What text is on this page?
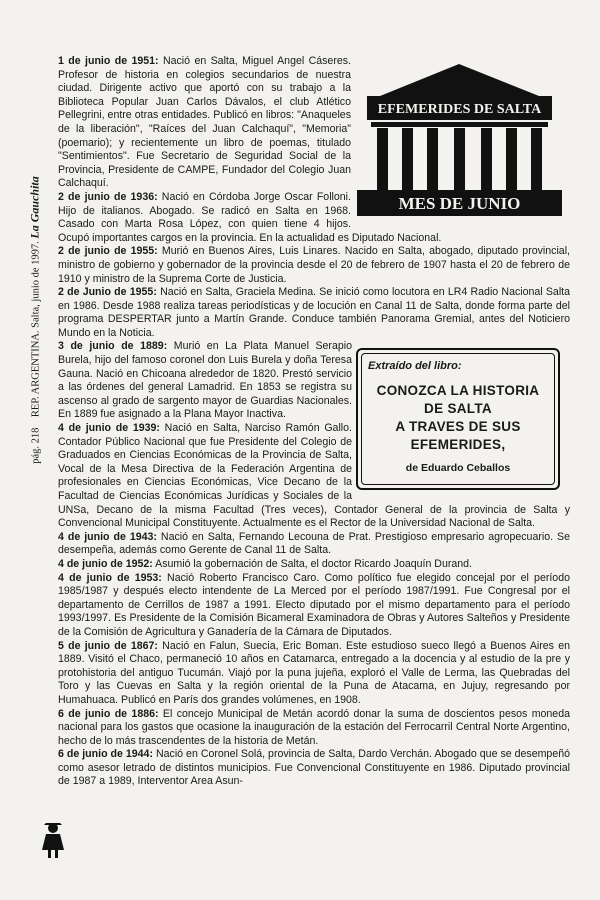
pág. 218    REP. ARGENTINA. Salta, junio de 1997. La Gauchita
EFEMERIDES DE SALTA
MES DE JUNIO

1 de junio de 1951: Nació en Salta, Miguel Angel Cáseres. Profesor de historia en colegios secundarios de nuestra ciudad. Dirigente activo que aportó con su trabajo a la Biblioteca Popular Juan Carlos Dávalos, el club Atlético Pellegrini, entre otras entidades. Publicó en libros: "Anaqueles de la liberación", "Raíces del Juan Calchaquí", "Memoria" (poemario); y recientemente un libro de poemas, titulado "Sentimientos". Fue Secretario de Seguridad Social de la Provincia, Presidente de CAMPE, Fundador del Colegio Juan Calchaquí.

2 de junio de 1936: Nació en Córdoba Jorge Oscar Folloni. Hijo de italianos. Abogado. Se radicó en Salta en 1968. Casado con Marta Rosa López, con quien tiene 4 hijos. Ocupó importantes cargos en la provincia. En la actualidad es Diputado Nacional.

2 de junio de 1955: Murió en Buenos Aires, Luis Linares. Nacido en Salta, abogado, diputado provincial, ministro de gobierno y gobernador de la provincia desde el 20 de febrero de 1907 hasta el 20 de febrero de 1910 y ministro de la Suprema Corte de Justicia.

2 de Junio de 1955: Nació en Salta, Graciela Medina. Se inició como locutora en LR4 Radio Nacional Salta en 1986. Desde 1988 realiza tareas periodísticas y de locución en Canal 11 de Salta, donde forma parte del programa DESPERTAR junto a Martín Grande. Conduce también Panorama Gremial, antes del Noticiero Mundo en la Noticia.

Extraído del libro:
CONOZCA LA HISTORIA
DE SALTA
A TRAVES DE SUS
EFEMERIDES,
de Eduardo Ceballos

3 de junio de 1889: Murió en La Plata Manuel Serapio Burela, hijo del famoso coronel don Luis Burela y doña Teresa Gauna. Nació en Chicoana alrededor de 1820. Prestó servicio a las órdenes del general Lamadrid. En 1853 se registra su ascenso al grado de sargento mayor de Guardias Nacionales. En 1889 fue asignado a la Plana Mayor Inactiva.

4 de junio de 1939: Nació en Salta, Narciso Ramón Gallo. Contador Público Nacional que fue Presidente del Colegio de Graduados en Ciencias Económicas de la Provincia de Salta, Vocal de la Mesa Directiva de la Federación Argentina de profesionales en Ciencias Económicas, Vice Decano de la Facultad de Ciencias Económicas Jurídicas y Sociales de la UNSa, Decano de la misma Facultad (Tres veces), Contador General de la provincia de Salta y Convencional Municipal Constituyente. Actualmente es el Rector de la Universidad Nacional de Salta.

4 de junio de 1943: Nació en Salta, Fernando Lecouna de Prat. Prestigioso empresario agropecuario. Se desempeña, además como Gerente de Canal 11 de Salta.

4 de junio de 1952: Asumió la gobernación de Salta, el doctor Ricardo Joaquín Durand.

4 de junio de 1953: Nació Roberto Francisco Caro. Como político fue elegido concejal por el período 1985/1987 y después electo intendente de La Merced por el período 1987/1991. Fue Congresal por el departamento de Cerrillos de 1987 a 1991. Electo diputado por el mismo departamento para el período 1993/1997. Es Presidente de la Comisión Bicameral Examinadora de Obras y Autores Salteños y Presidente de la Comisión de Agricultura y Ganadería de la Cámara de Diputados.

5 de junio de 1867: Nació en Falun, Suecia, Eric Boman. Este estudioso sueco llegó a Buenos Aires en 1889. Visitó el Chaco, permaneció 10 años en Catamarca, entregado a la docencia y al estudio de la pre y protohistoria del antiguo Tucumán. Viajó por la puna jujeña, exploró el Valle de Lerma, las Quebradas del Toro y las Cuevas en Salta y la región oriental de la Puna de Atacama, en Jujuy, regresando por Humahuaca. Publicó en París dos grandes volúmenes, en 1908.

6 de junio de 1886: El concejo Municipal de Metán acordó donar la suma de doscientos pesos moneda nacional para los gastos que ocasione la inauguración de la estación del Ferrocarril Central Norte Argentino, hecho de lo más trascendentes de la historia de Metán.

6 de junio de 1944: Nació en Coronel Solá, provincia de Salta, Dardo Verchán. Abogado que se desempeñó como asesor letrado de distintos municipios. Fue Convencional Constituyente en 1986. Diputado provincial de 1987 a 1989, Interventor Area Asun-
